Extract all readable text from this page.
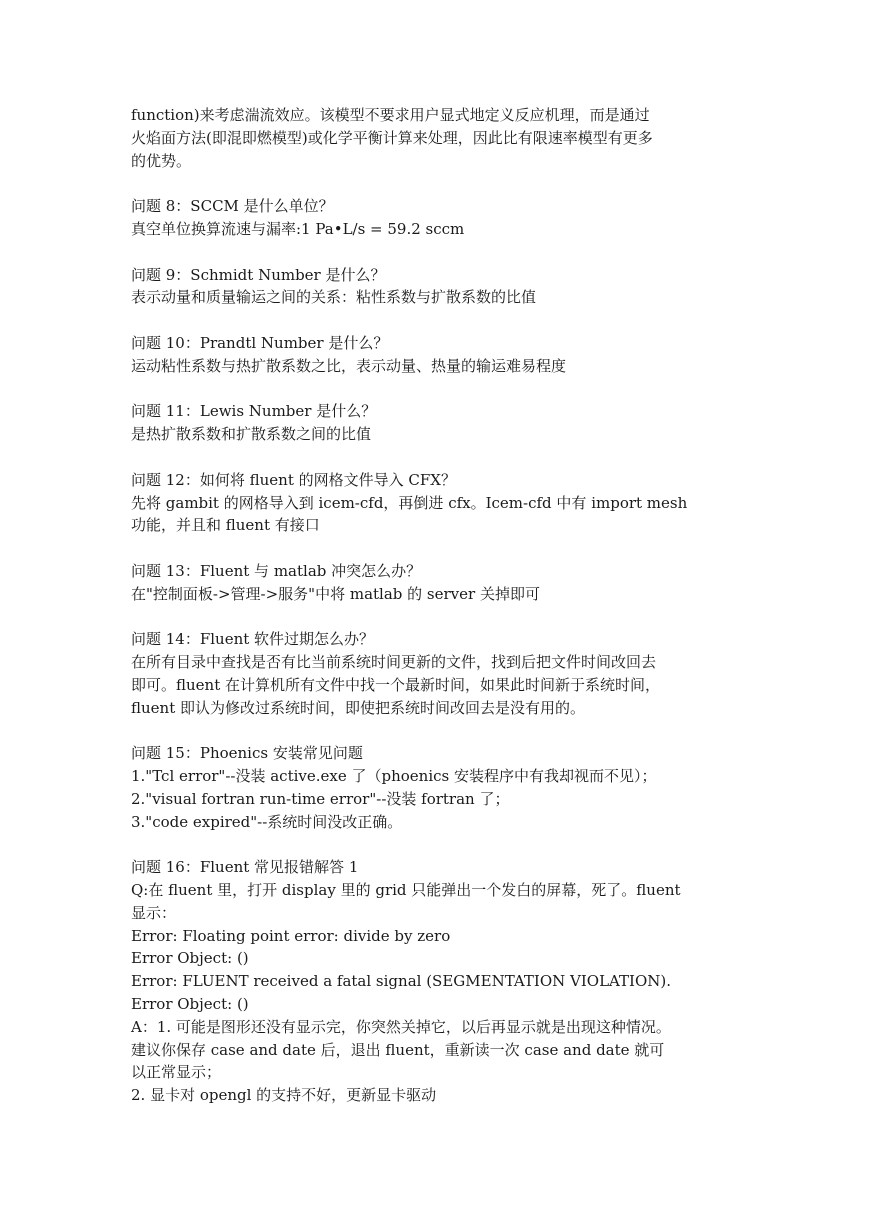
function)来考虑湍流效应。该模型不要求用户显式地定义反应机理，而是通过
火焰面方法(即混即燃模型)或化学平衡计算来处理，因此比有限速率模型有更多
的优势。
问题 8：SCCM 是什么单位？
真空单位换算流速与漏率:1 Pa•L/s = 59.2 sccm
问题 9：Schmidt Number 是什么？
表示动量和质量输运之间的关系：粘性系数与扩散系数的比值
问题 10：Prandtl Number 是什么？
运动粘性系数与热扩散系数之比，表示动量、热量的输运难易程度
问题 11：Lewis Number 是什么？
是热扩散系数和扩散系数之间的比值
问题 12：如何将 fluent 的网格文件导入 CFX？
先将 gambit 的网格导入到 icem-cfd，再倒进 cfx。Icem-cfd 中有 import mesh
功能，并且和 fluent 有接口
问题 13：Fluent 与 matlab 冲突怎么办？
在"控制面板->管理->服务"中将 matlab 的 server 关掉即可
问题 14：Fluent 软件过期怎么办？
在所有目录中查找是否有比当前系统时间更新的文件，找到后把文件时间改回去
即可。fluent 在计算机所有文件中找一个最新时间，如果此时间新于系统时间，
fluent 即认为修改过系统时间，即使把系统时间改回去是没有用的。
问题 15：Phoenics 安装常见问题
1."Tcl error"--没装 active.exe 了（phoenics 安装程序中有我却视而不见）；
2."visual fortran run-time error"--没装 fortran 了；
3."code expired"--系统时间没改正确。
问题 16：Fluent 常见报错解答 1
Q:在 fluent 里，打开 display 里的 grid 只能弹出一个发白的屏幕，死了。fluent
显示：
Error: Floating point error: divide by zero
Error Object: ()
Error: FLUENT received a fatal signal (SEGMENTATION VIOLATION).
Error Object: ()
A：1. 可能是图形还没有显示完，你突然关掉它，以后再显示就是出现这种情况。
建议你保存 case and date 后，退出 fluent，重新读一次 case and date 就可
以正常显示；
2. 显卡对 opengl 的支持不好，更新显卡驱动
